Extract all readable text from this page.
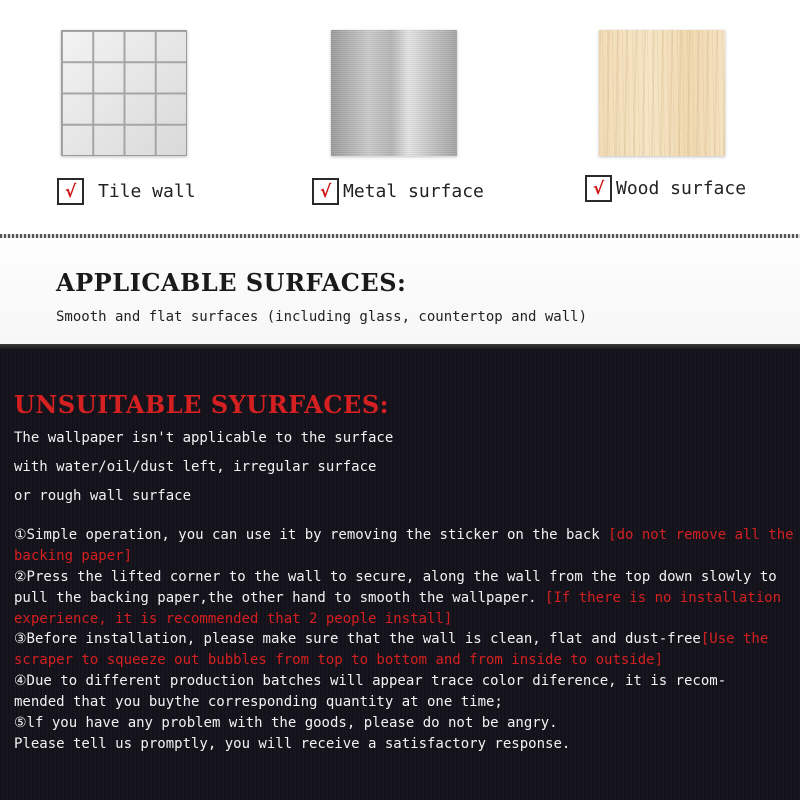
√	Tile wall	√ Metal surface	√ Wood surface
APPLICABLE SURFACES:

Smooth and flat surfaces (including glass, countertop and wall)

UNSUITABLE SYURFACES:

The wallpaper isn't applicable to the surface

with water/oil/dust left, irregular surface

or rough wall surface

①Simple operation, you can use it by removing the sticker on the back [do not remove all the backing paper]

②Press the lifted corner to the wall to secure, along the wall from the top down slowly to pull the backing paper,the other hand to smooth the wallpaper. [If there is no installation experience, it is recommended that 2 people install]

③Before installation, please make sure that the wall is clean, flat and dust-free[Use the scraper to squeeze out bubbles from top to bottom and from inside to outside]

④Due to different production batches will appear trace color diference, it is recom-
mended that you buythe corresponding quantity at one time;

⑤lf you have any problem with the goods, please do not be angry.
Please tell us promptly, you will receive a satisfactory response.
